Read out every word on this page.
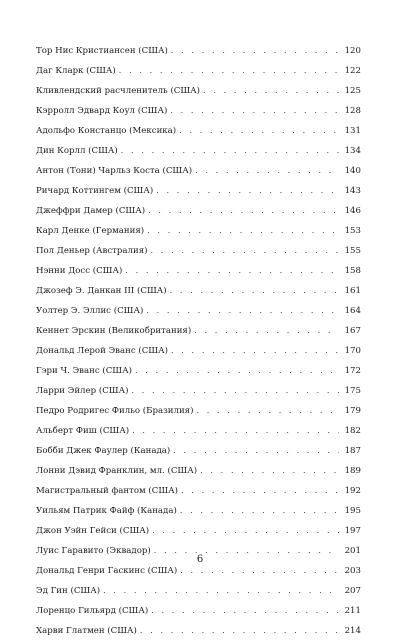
Тор Нис Кристиансен (США) . . .	120
Даг Кларк (США) . . .	122
Кливлендский расчленитель (США) . . .	125
Кэрролл Эдвард Коул (США) . . .	128
Адольфо Констанцо (Мексика) . . .	131
Дин Корлл (США) . . .	134
Антон (Тони) Чарльз Коста (США) . . .	140
Ричард Коттингем (США) . . .	143
Джеффри Дамер (США) . . .	146
Карл Денке (Германия) . . .	153
Пол Деньер (Австралия) . . .	155
Нэнни Досс (США) . . .	158
Джозеф Э. Данкан III (США) . . .	161
Уолтер Э. Эллис (США) . . .	164
Кеннет Эрскин (Великобритания) . . .	167
Дональд Лерой Эванс (США) . . .	170
Гэри Ч. Эванс (США) . . .	172
Ларри Эйлер (США) . . .	175
Педро Родригес Фильо (Бразилия) . . .	179
Альберт Фиш (США) . . .	182
Бобби Джек Фаулер (Канада) . . .	187
Лонни Дэвид Франклин, мл. (США) . . .	189
Магистральный фантом (США) . . .	192
Уильям Патрик Файф (Канада) . . .	195
Джон Уэйн Гейси (США) . . .	197
Луис Гаравито (Эквадор) . . .	201
Дональд Генри Гаскинс (США) . . .	203
Эд Гин (США) . . .	207
Лоренцо Гильярд (США) . . .	211
Харви Глатмен (США) . . .	214
6
